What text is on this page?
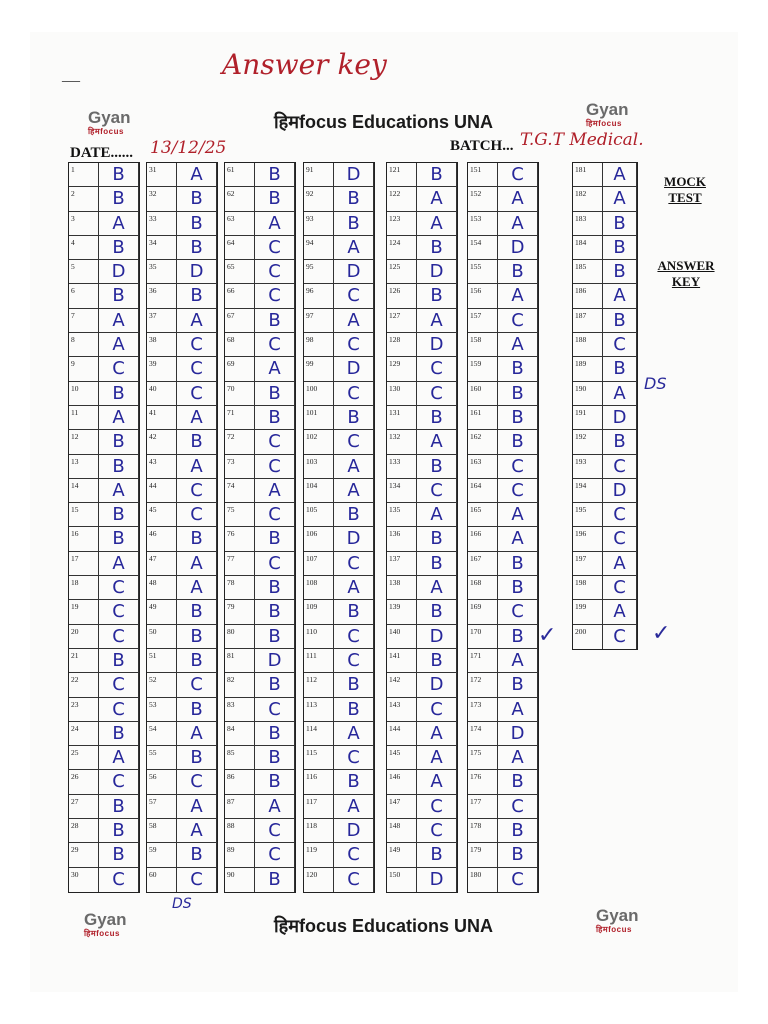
—	Answer key
Gyan
हिमfocus
Gyan
हिमfocus
हिमfocus Educations UNA
DATE...... 13/12/25	BATCH... T.G.T Medical.
1	B
2	B
3	A
4	B
5	D
6	B
7	A
8	A
9	C
10	B
11	A
12	B
13	B
14	A
15	B
16	B
17	A
18	C
19	C
20	C
21	B
22	C
23	C
24	B
25	A
26	C
27	B
28	B
29	B
30	C
31	A
32	B
33	B
34	B
35	D
36	B
37	A
38	C
39	C
40	C
41	A
42	B
43	A
44	C
45	C
46	B
47	A
48	A
49	B
50	B
51	B
52	C
53	B
54	A
55	B
56	C
57	A
58	A
59	B
60	C
61	B
62	B
63	A
64	C
65	C
66	C
67	B
68	C
69	A
70	B
71	B
72	C
73	C
74	A
75	C
76	B
77	C
78	B
79	B
80	B
81	D
82	B
83	C
84	B
85	B
86	B
87	A
88	C
89	C
90	B
91	D
92	B
93	B
94	A
95	D
96	C
97	A
98	C
99	D
100	C
101	B
102	C
103	A
104	A
105	B
106	D
107	C
108	A
109	B
110	C
111	C
112	B
113	B
114	A
115	C
116	B
117	A
118	D
119	C
120	C
121	B
122	A
123	A
124	B
125	D
126	B
127	A
128	D
129	C
130	C
131	B
132	A
133	B
134	C
135	A
136	B
137	B
138	A
139	B
140	D
141	B
142	D
143	C
144	A
145	A
146	A
147	C
148	C
149	B
150	D
151	C
152	A
153	A
154	D
155	B
156	A
157	C
158	A
159	B
160	B
161	B
162	B
163	C
164	C
165	A
166	A
167	B
168	B
169	C
170	B
171	A
172	B
173	A
174	D
175	A
176	B
177	C
178	B
179	B
180	C
181	A
182	A
183	B
184	B
185	B
186	A
187	B
188	C
189	B
190	A
191	D
192	B
193	C
194	D
195	C
196	C
197	A
198	C
199	A
200	C
MOCK TEST
ANSWER KEY
DS
DS
✓	✓
Gyan
हिमfocus
Gyan
हिमfocus
हिमfocus Educations UNA
